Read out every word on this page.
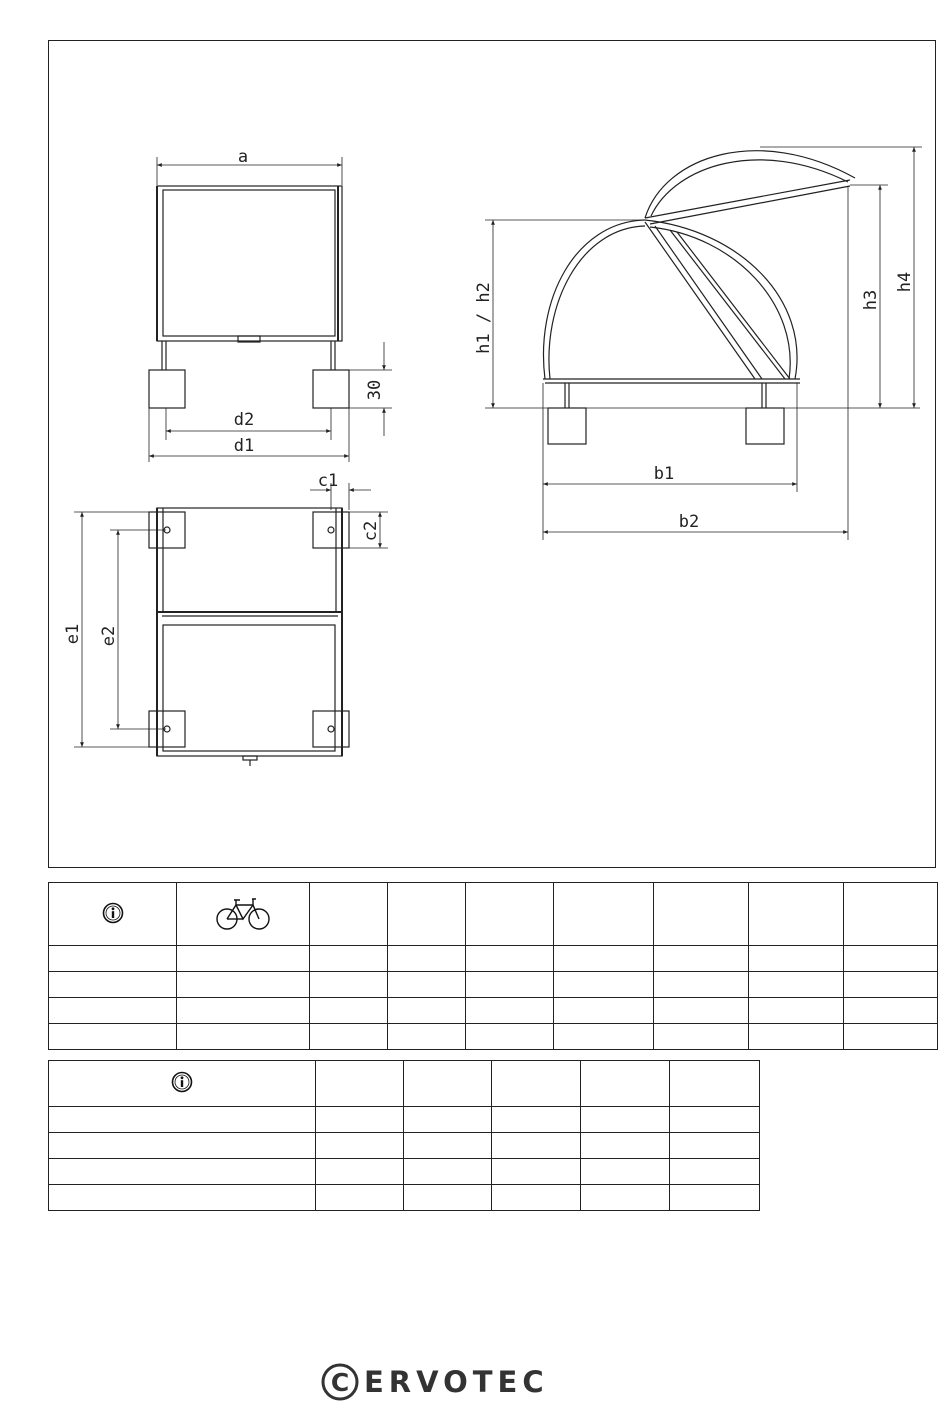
a
d2
d1
30
c1
c2
e1 e2
b1
b2
h1 / h2	h3
h4

C ERVOTEC
